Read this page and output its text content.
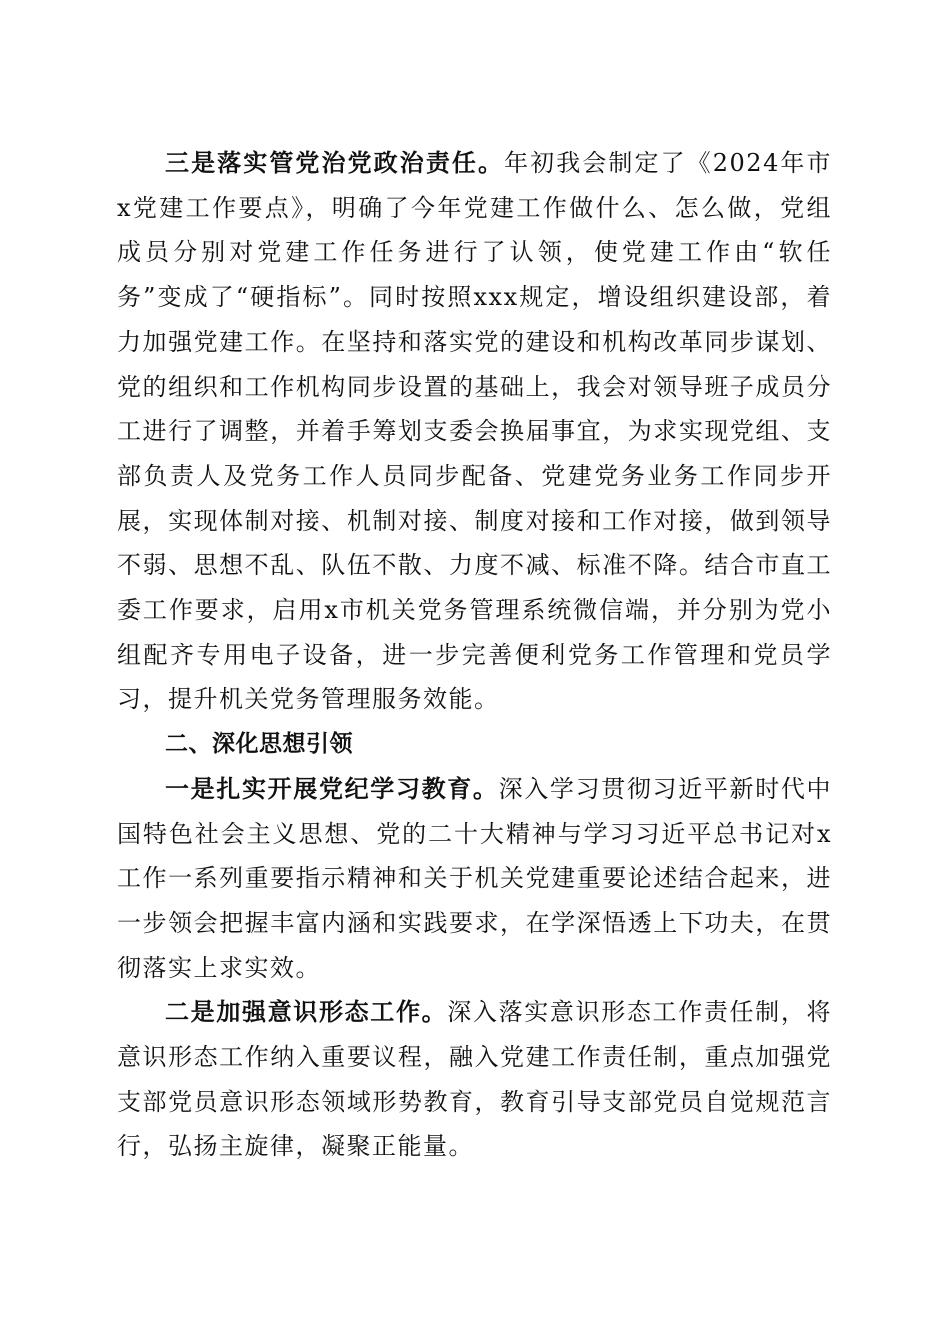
三是落实管党治党政治责任。年初我会制定了《2024年市x党建工作要点》，明确了今年党建工作做什么、怎么做，党组成员分别对党建工作任务进行了认领，使党建工作由“软任务”变成了“硬指标”。同时按照xxx规定，增设组织建设部，着力加强党建工作。在坚持和落实党的建设和机构改革同步谋划、党的组织和工作机构同步设置的基础上，我会对领导班子成员分工进行了调整，并着手筹划支委会换届事宜，为求实现党组、支部负责人及党务工作人员同步配备、党建党务业务工作同步开展，实现体制对接、机制对接、制度对接和工作对接，做到领导不弱、思想不乱、队伍不散、力度不减、标准不降。结合市直工委工作要求，启用x市机关党务管理系统微信端，并分别为党小组配齐专用电子设备，进一步完善便利党务工作管理和党员学习，提升机关党务管理服务效能。

二、深化思想引领

一是扎实开展党纪学习教育。深入学习贯彻习近平新时代中国特色社会主义思想、党的二十大精神与学习习近平总书记对x工作一系列重要指示精神和关于机关党建重要论述结合起来，进一步领会把握丰富内涵和实践要求，在学深悟透上下功夫，在贯彻落实上求实效。

二是加强意识形态工作。深入落实意识形态工作责任制，将意识形态工作纳入重要议程，融入党建工作责任制，重点加强党支部党员意识形态领域形势教育，教育引导支部党员自觉规范言行，弘扬主旋律，凝聚正能量。
